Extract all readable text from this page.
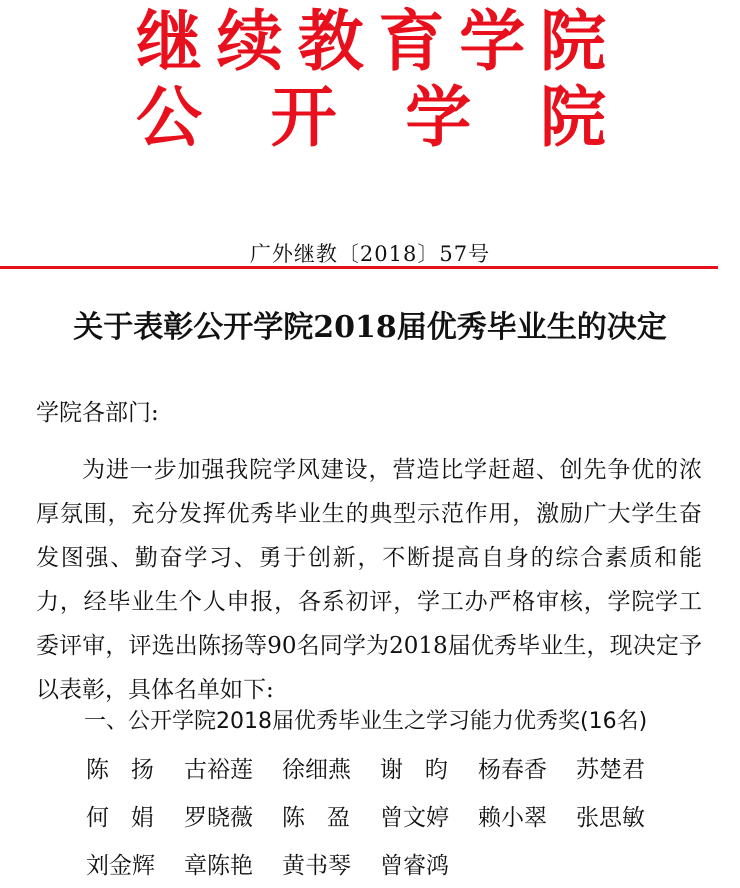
继 续 教 育 学 院
公 开 学 院
广外继教〔2018〕57号
关于表彰公开学院2018届优秀毕业生的决定
学院各部门:
为进一步加强我院学风建设，营造比学赶超、创先争优的浓厚氛围，充分发挥优秀毕业生的典型示范作用，激励广大学生奋发图强、勤奋学习、勇于创新，不断提高自身的综合素质和能力，经毕业生个人申报，各系初评，学工办严格审核，学院学工委评审，评选出陈扬等90名同学为2018届优秀毕业生，现决定予以表彰，具体名单如下:
一、公开学院2018届优秀毕业生之学习能力优秀奖(16名)
陈   扬	古裕莲	徐细燕	谢   昀	杨春香	苏楚君
何   娟	罗晓薇	陈   盈	曾文婷	赖小翠	张思敏
刘金辉	章陈艳	黄书琴	曾睿鸿
